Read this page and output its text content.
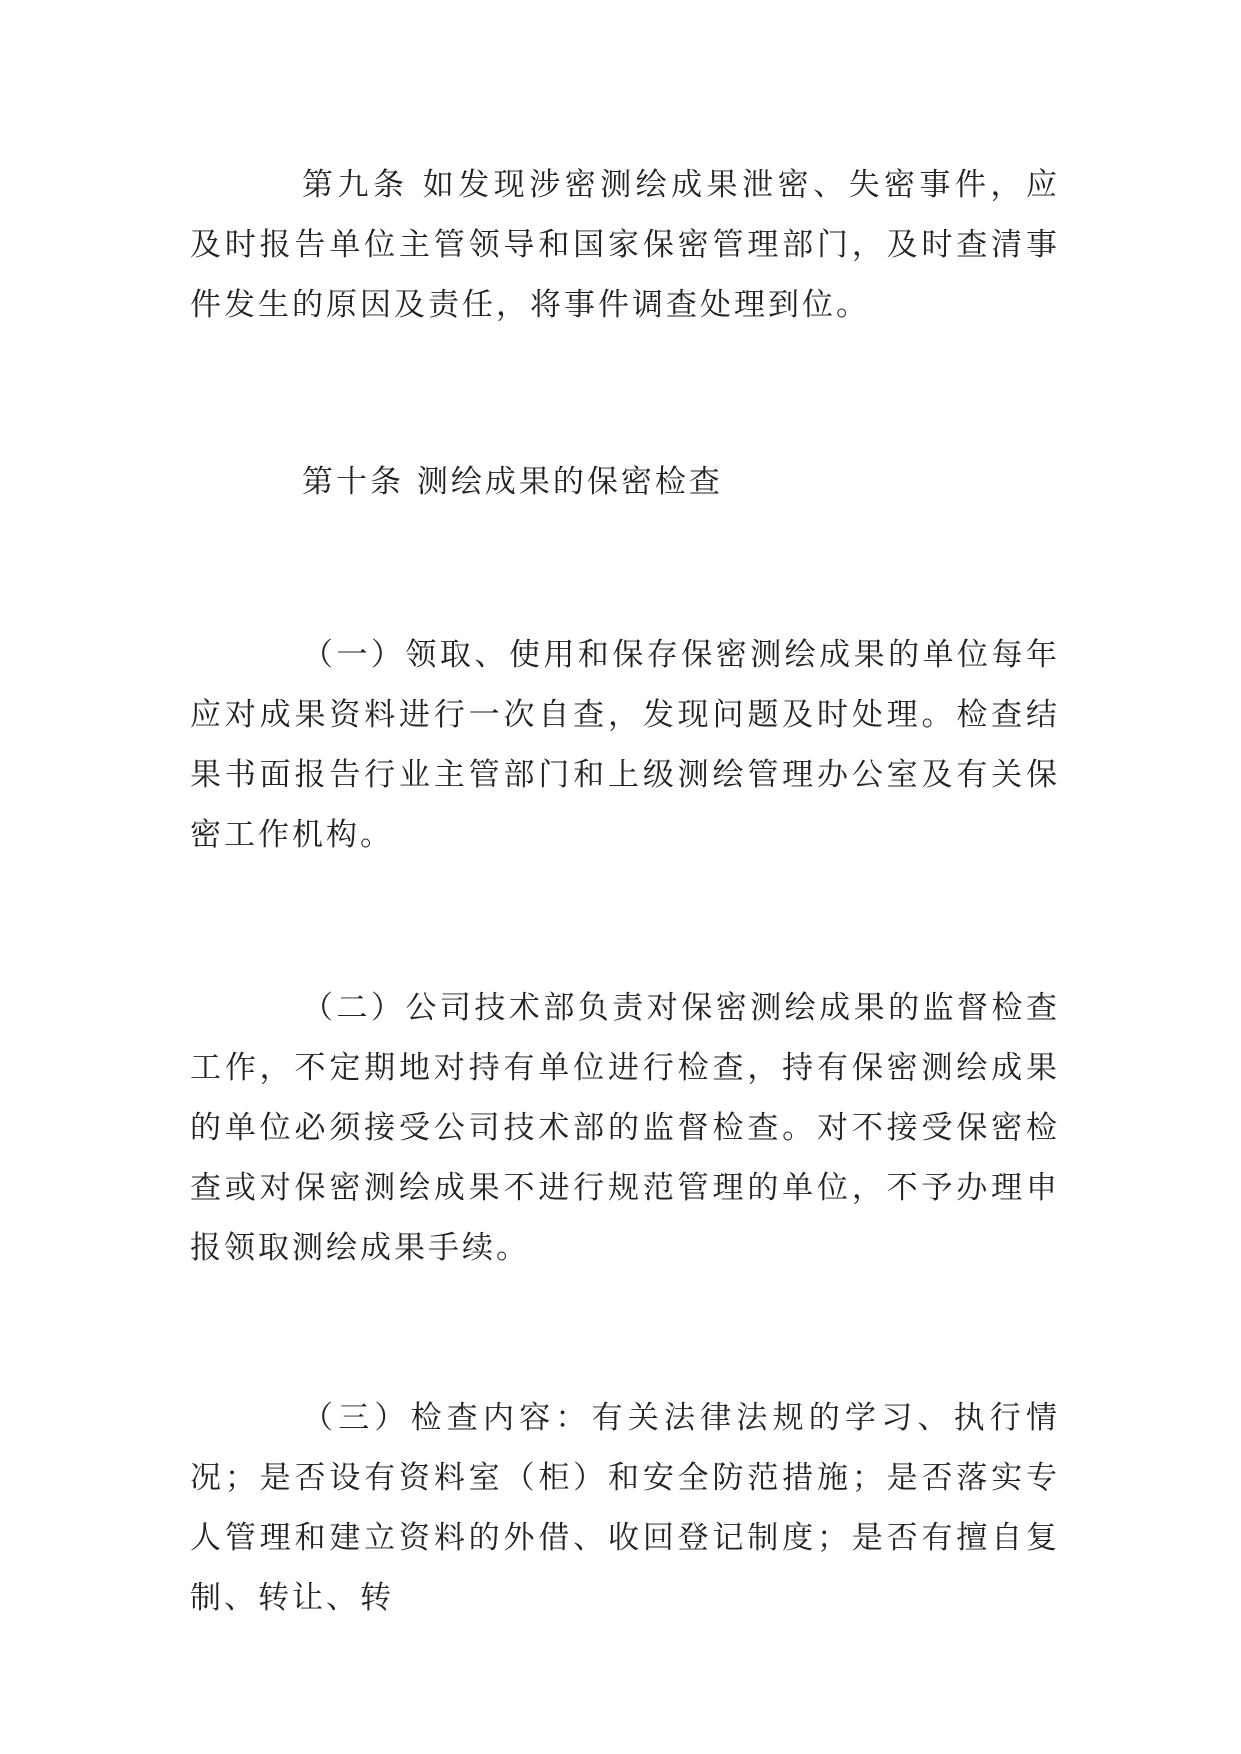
第九条 如发现涉密测绘成果泄密、失密事件，应及时报告单位主管领导和国家保密管理部门，及时查清事件发生的原因及责任，将事件调查处理到位。

第十条 测绘成果的保密检查

（一）领取、使用和保存保密测绘成果的单位每年应对成果资料进行一次自查，发现问题及时处理。检查结果书面报告行业主管部门和上级测绘管理办公室及有关保密工作机构。

（二）公司技术部负责对保密测绘成果的监督检查工作，不定期地对持有单位进行检查，持有保密测绘成果的单位必须接受公司技术部的监督检查。对不接受保密检查或对保密测绘成果不进行规范管理的单位，不予办理申报领取测绘成果手续。

（三）检查内容：有关法律法规的学习、执行情况；是否设有资料室（柜）和安全防范措施；是否落实专人管理和建立资料的外借、收回登记制度；是否有擅自复制、转让、转
